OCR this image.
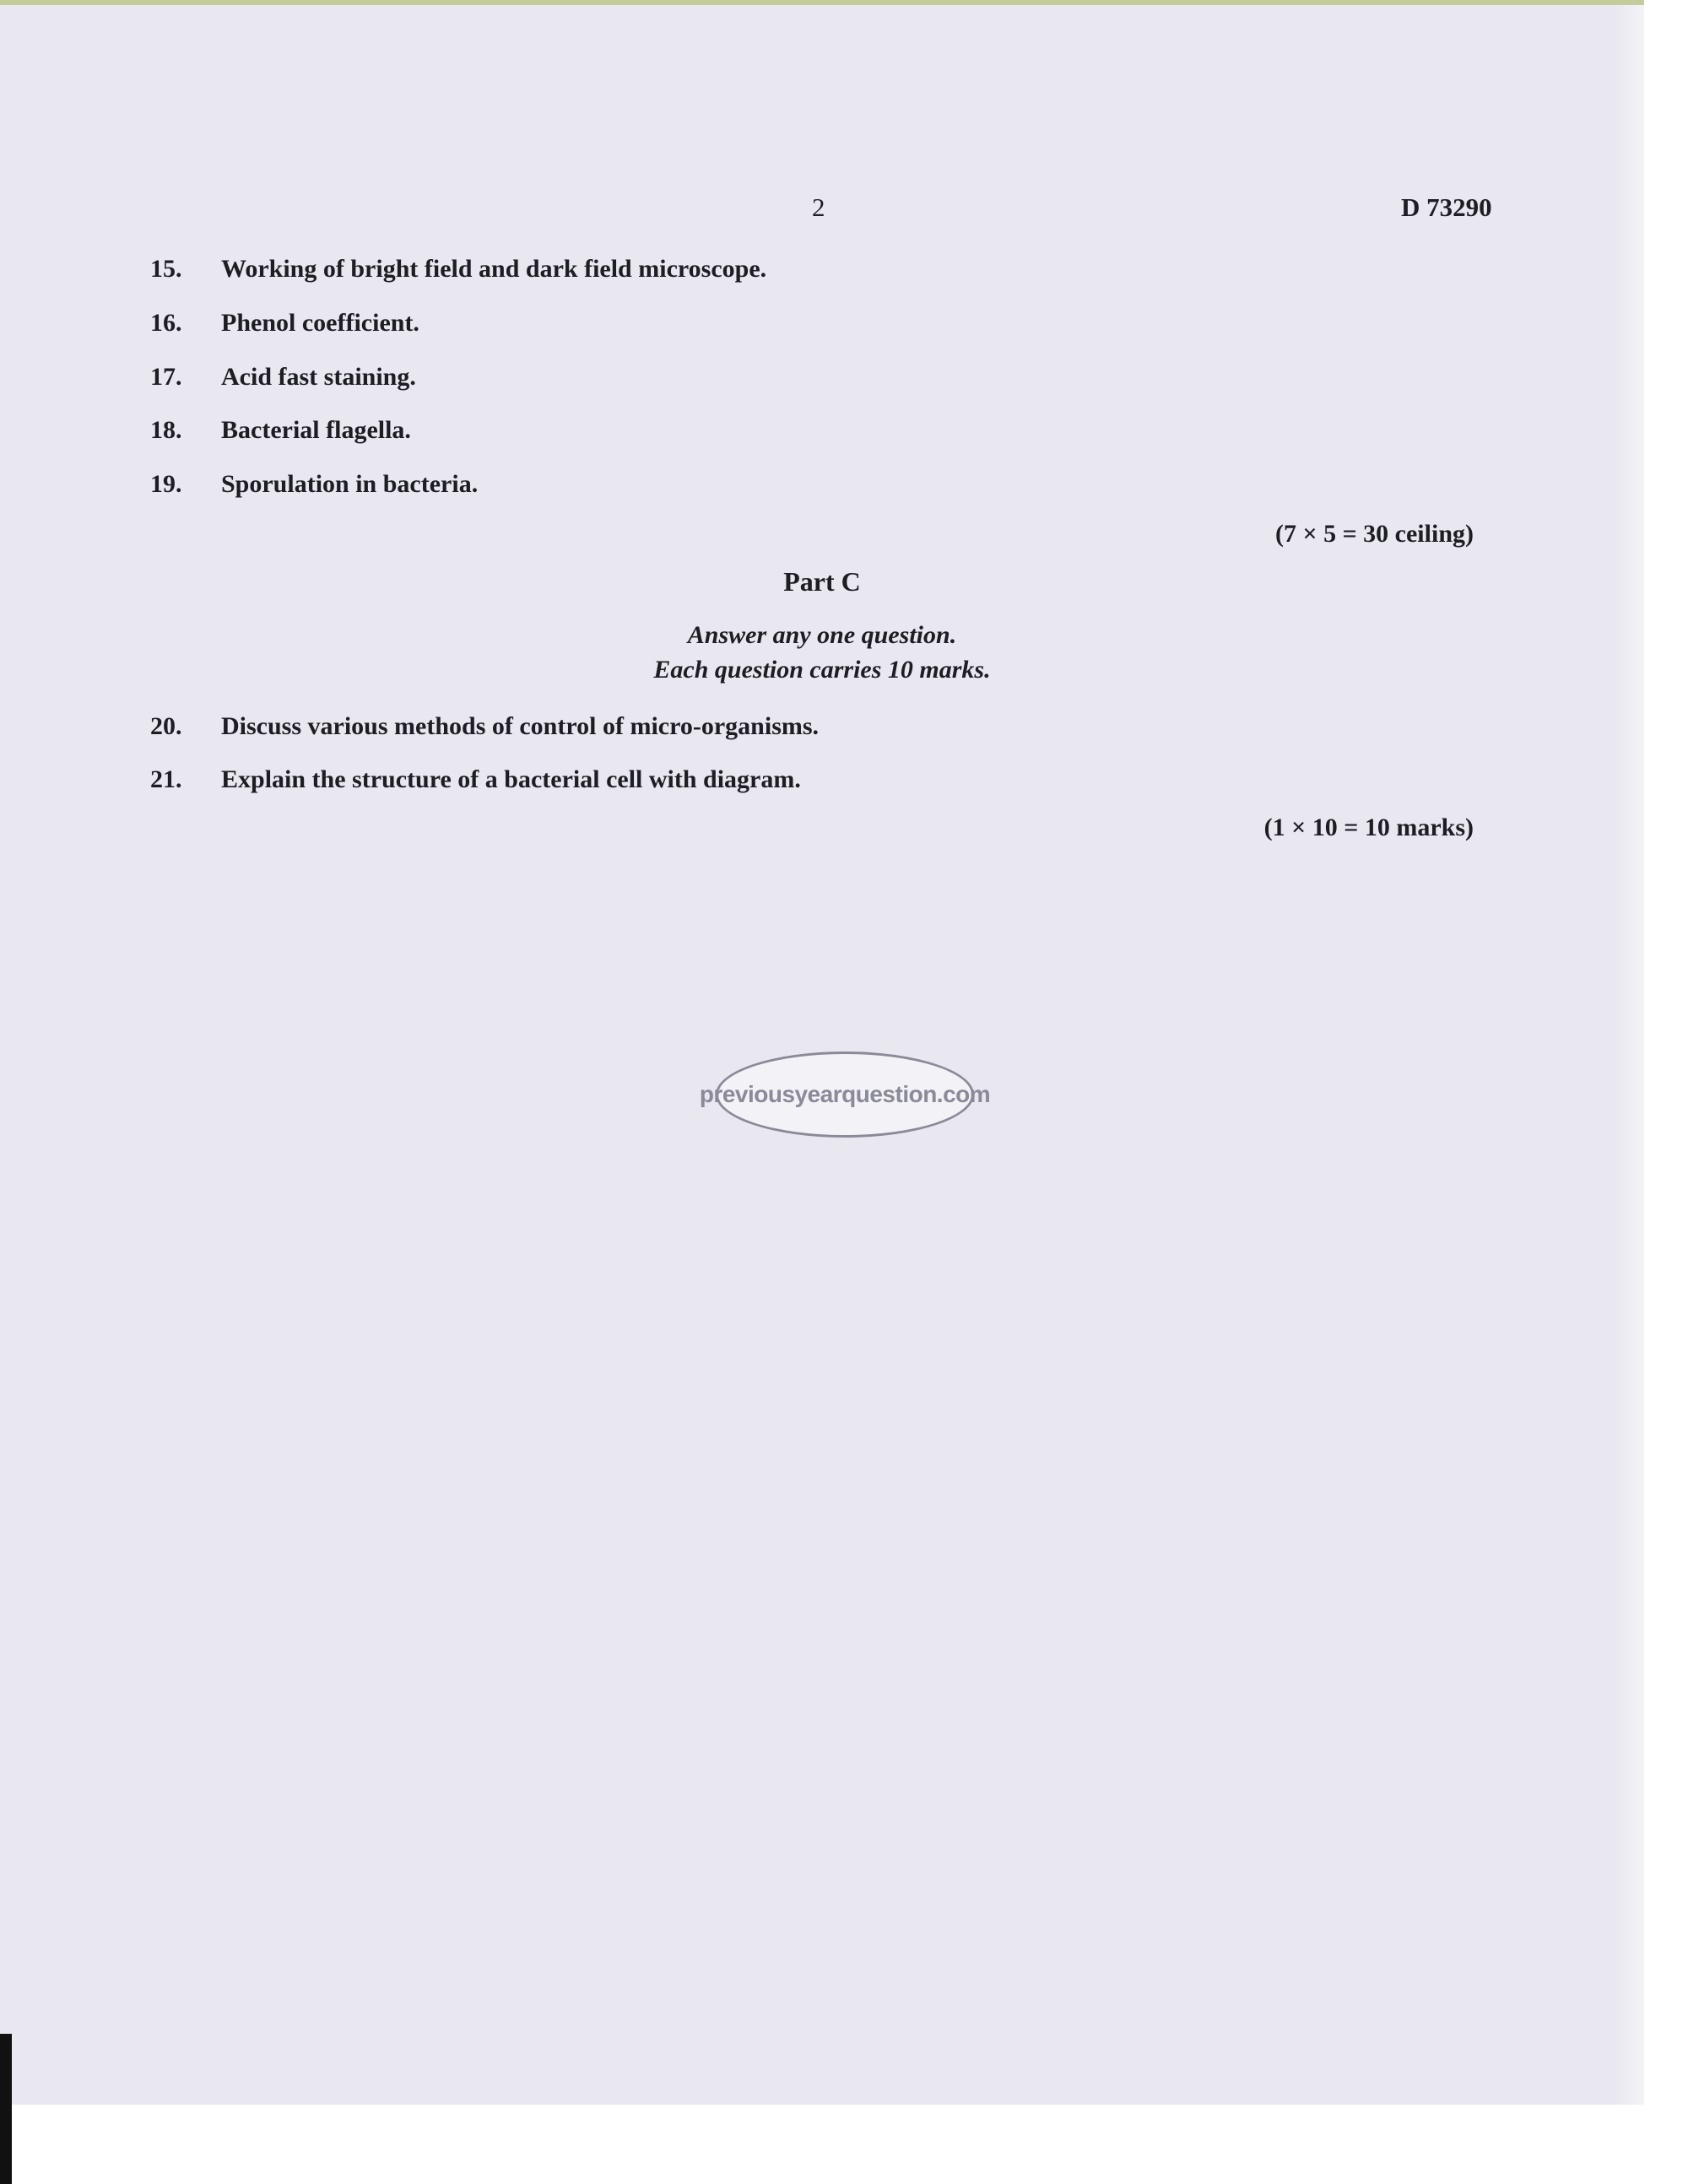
2	D 73290
15. Working of bright field and dark field microscope.
16. Phenol coefficient.
17. Acid fast staining.
18. Bacterial flagella.
19. Sporulation in bacteria.
(7 × 5 = 30 ceiling)
Part C
Answer any one question.
Each question carries 10 marks.
20. Discuss various methods of control of micro-organisms.
21. Explain the structure of a bacterial cell with diagram.
(1 × 10 = 10 marks)
previousyearquestion.com
